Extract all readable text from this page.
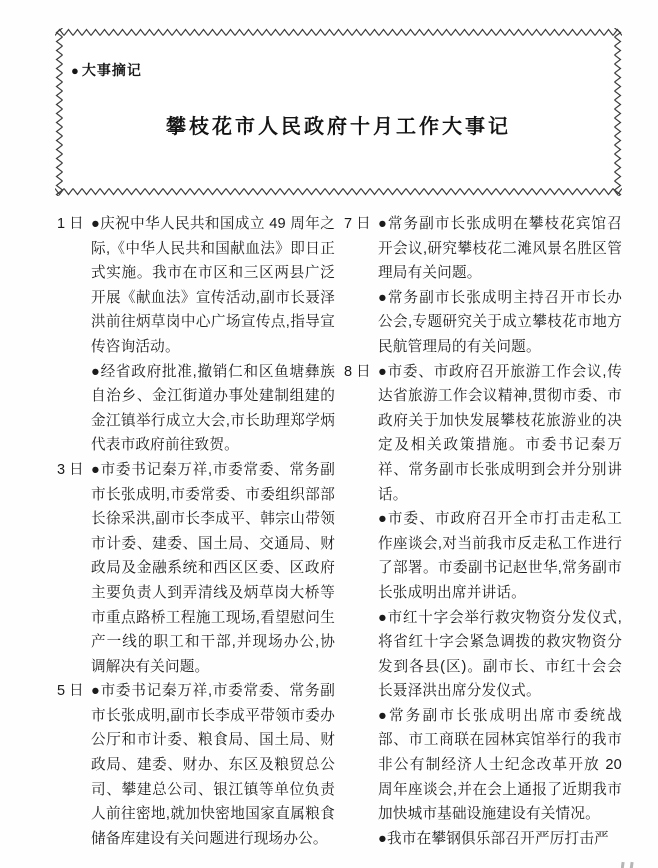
● 大事摘记
攀枝花市人民政府十月工作大事记
1 日 ●庆祝中华人民共和国成立 49 周年之际,《中华人民共和国献血法》即日正式实施。我市在市区和三区两县广泛开展《献血法》宣传活动,副市长聂泽洪前往炳草岗中心广场宣传点,指导宣传咨询活动。

●经省政府批准,撤销仁和区鱼塘彝族自治乡、金江街道办事处建制组建的金江镇举行成立大会,市长助理郑学炳代表市政府前往致贺。

3 日 ●市委书记秦万祥,市委常委、常务副市长张成明,市委常委、市委组织部部长徐采洪,副市长李成平、韩宗山带领市计委、建委、国土局、交通局、财政局及金融系统和西区区委、区政府主要负责人到弄清线及炳草岗大桥等市重点路桥工程施工现场,看望慰问生产一线的职工和干部,并现场办公,协调解决有关问题。

5 日 ●市委书记秦万祥,市委常委、常务副市长张成明,副市长李成平带领市委办公厅和市计委、粮食局、国土局、财政局、建委、财办、东区及粮贸总公司、攀建总公司、银江镇等单位负责人前往密地,就加快密地国家直属粮食储备库建设有关问题进行现场办公。

7 日 ●常务副市长张成明在攀枝花宾馆召开会议,研究攀枝花二滩风景名胜区管理局有关问题。

●常务副市长张成明主持召开市长办公会,专题研究关于成立攀枝花市地方民航管理局的有关问题。

8 日 ●市委、市政府召开旅游工作会议,传达省旅游工作会议精神,贯彻市委、市政府关于加快发展攀枝花旅游业的决定及相关政策措施。市委书记秦万祥、常务副市长张成明到会并分别讲话。

●市委、市政府召开全市打击走私工作座谈会,对当前我市反走私工作进行了部署。市委副书记赵世华,常务副市长张成明出席并讲话。

●市红十字会举行救灾物资分发仪式,将省红十字会紧急调拨的救灾物资分发到各县(区)。副市长、市红十会会长聂泽洪出席分发仪式。

●常务副市长张成明出席市委统战部、市工商联在园林宾馆举行的我市非公有制经济人士纪念改革开放 20 周年座谈会,并在会上通报了近期我市加快城市基础设施建设有关情况。

●我市在攀钢俱乐部召开严厉打击严
